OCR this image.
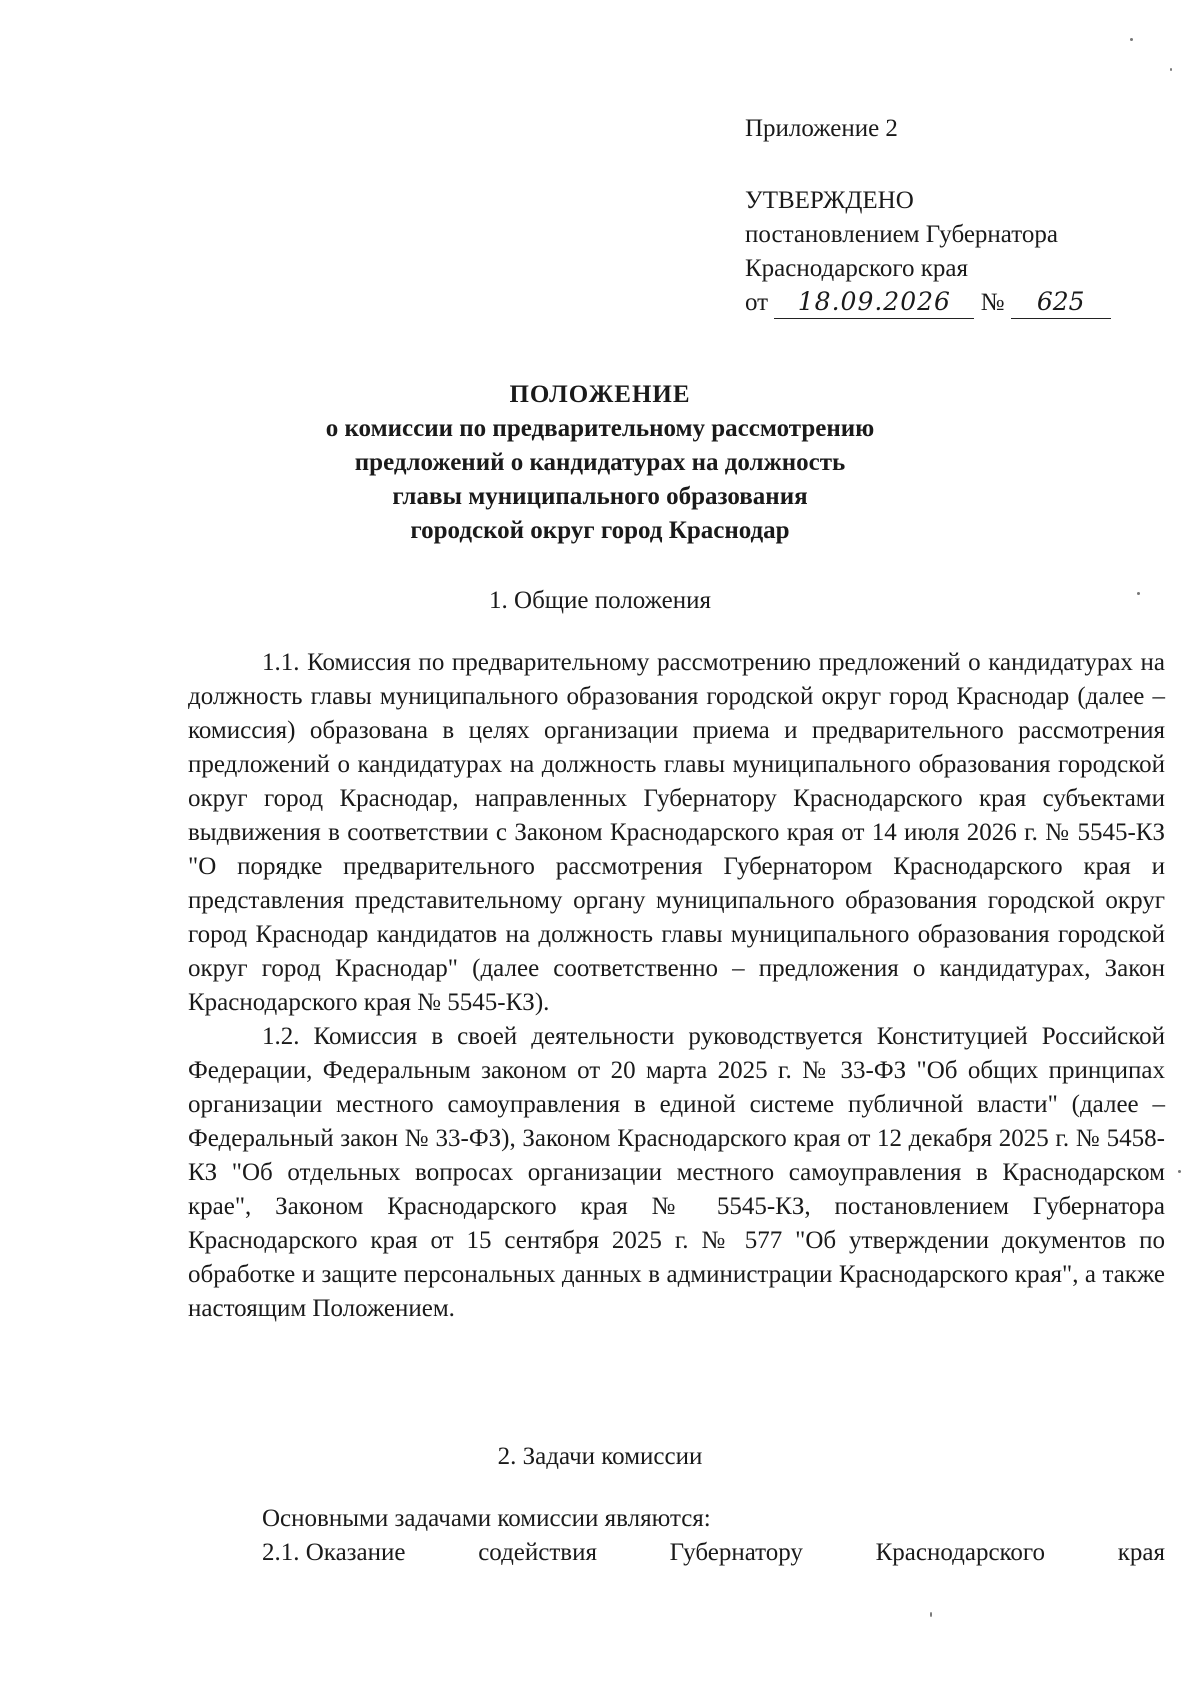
Приложение 2
УТВЕРЖДЕНО
постановлением Губернатора
Краснодарского края
от 18.09.2026 № 625
ПОЛОЖЕНИЕ
о комиссии по предварительному рассмотрению
предложений о кандидатурах на должность
главы муниципального образования
городской округ город Краснодар
1. Общие положения

1.1. Комиссия по предварительному рассмотрению предложений о кандидатурах на должность главы муниципального образования городской округ город Краснодар (далее – комиссия) образована в целях организации приема и предварительного рассмотрения предложений о кандидатурах на должность главы муниципального образования городской округ город Краснодар, направленных Губернатору Краснодарского края субъектами выдвижения в соответствии с Законом Краснодарского края от 14 июля 2026 г. № 5545-КЗ "О порядке предварительного рассмотрения Губернатором Краснодарского края и представления представительному органу муниципального образования городской округ город Краснодар кандидатов на должность главы муниципального образования городской округ город Краснодар" (далее соответственно – предложения о кандидатурах, Закон Краснодарского края № 5545-КЗ).

1.2. Комиссия в своей деятельности руководствуется Конституцией Российской Федерации, Федеральным законом от 20 марта 2025 г. № 33-ФЗ "Об общих принципах организации местного самоуправления в единой системе публичной власти" (далее – Федеральный закон № 33-ФЗ), Законом Краснодарского края от 12 декабря 2025 г. № 5458-КЗ "Об отдельных вопросах организации местного самоуправления в Краснодарском крае", Законом Краснодарского края № 5545-КЗ, постановлением Губернатора Краснодарского края от 15 сентября 2025 г. № 577 "Об утверждении документов по обработке и защите персональных данных в администрации Краснодарского края", а также настоящим Положением.

2. Задачи комиссии

Основными задачами комиссии являются:

2.1. Оказание	содействия	Губернатору	Краснодарского	края
